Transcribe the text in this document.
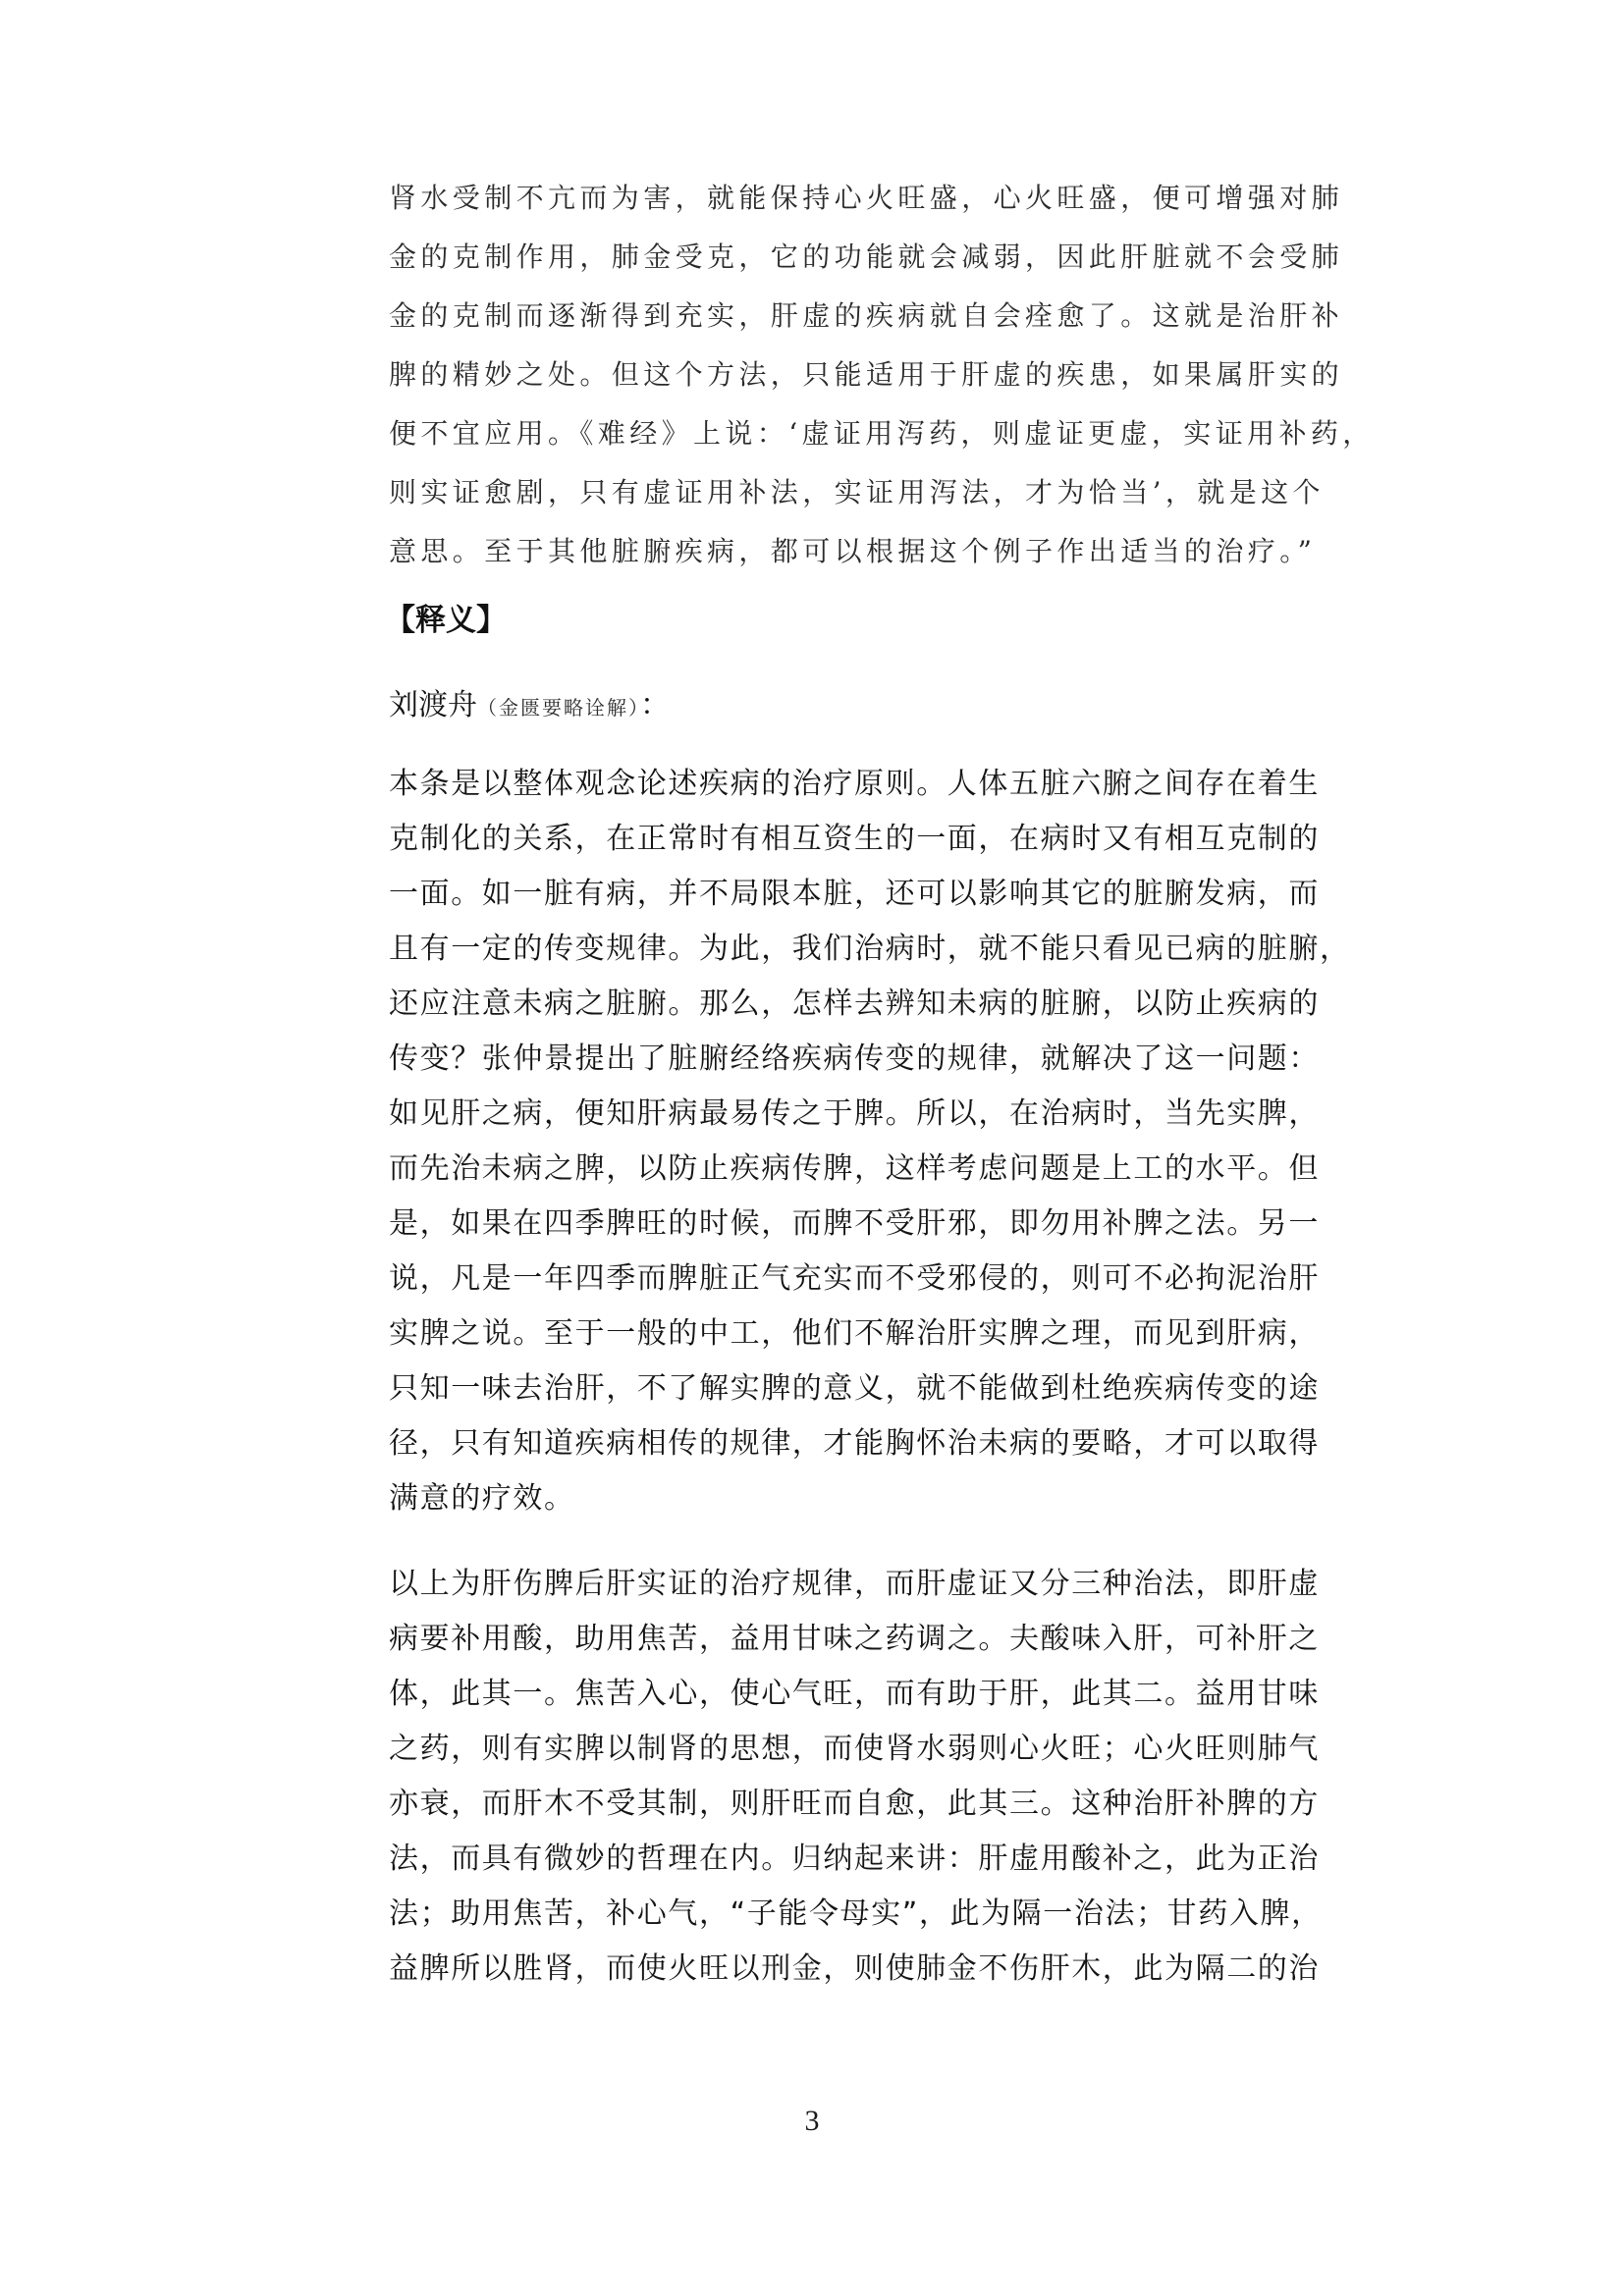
肾水受制不亢而为害，就能保持心火旺盛，心火旺盛，便可增强对肺
金的克制作用，肺金受克，它的功能就会减弱，因此肝脏就不会受肺
金的克制而逐渐得到充实，肝虚的疾病就自会痊愈了。这就是治肝补
脾的精妙之处。但这个方法，只能适用于肝虚的疾患，如果属肝实的
便不宜应用。《难经》上说：‘虚证用泻药，则虚证更虚，实证用补药，
则实证愈剧，只有虚证用补法，实证用泻法，才为恰当’，就是这个
意思。至于其他脏腑疾病，都可以根据这个例子作出适当的治疗。”
【释义】
刘渡舟（金匮要略诠解）：
本条是以整体观念论述疾病的治疗原则。人体五脏六腑之间存在着生
克制化的关系，在正常时有相互资生的一面，在病时又有相互克制的
一面。如一脏有病，并不局限本脏，还可以影响其它的脏腑发病，而
且有一定的传变规律。为此，我们治病时，就不能只看见已病的脏腑，
还应注意未病之脏腑。那么，怎样去辨知未病的脏腑，以防止疾病的
传变？张仲景提出了脏腑经络疾病传变的规律，就解决了这一问题：
如见肝之病，便知肝病最易传之于脾。所以，在治病时，当先实脾，
而先治未病之脾，以防止疾病传脾，这样考虑问题是上工的水平。但
是，如果在四季脾旺的时候，而脾不受肝邪，即勿用补脾之法。另一
说，凡是一年四季而脾脏正气充实而不受邪侵的，则可不必拘泥治肝
实脾之说。至于一般的中工，他们不解治肝实脾之理，而见到肝病，
只知一味去治肝，不了解实脾的意义，就不能做到杜绝疾病传变的途
径，只有知道疾病相传的规律，才能胸怀治未病的要略，才可以取得
满意的疗效。
以上为肝伤脾后肝实证的治疗规律，而肝虚证又分三种治法，即肝虚
病要补用酸，助用焦苦，益用甘味之药调之。夫酸味入肝，可补肝之
体，此其一。焦苦入心，使心气旺，而有助于肝，此其二。益用甘味
之药，则有实脾以制肾的思想，而使肾水弱则心火旺；心火旺则肺气
亦衰，而肝木不受其制，则肝旺而自愈，此其三。这种治肝补脾的方
法，而具有微妙的哲理在内。归纳起来讲：肝虚用酸补之，此为正治
法；助用焦苦，补心气，“子能令母实”，此为隔一治法；甘药入脾，
益脾所以胜肾，而使火旺以刑金，则使肺金不伤肝木，此为隔二的治
3
